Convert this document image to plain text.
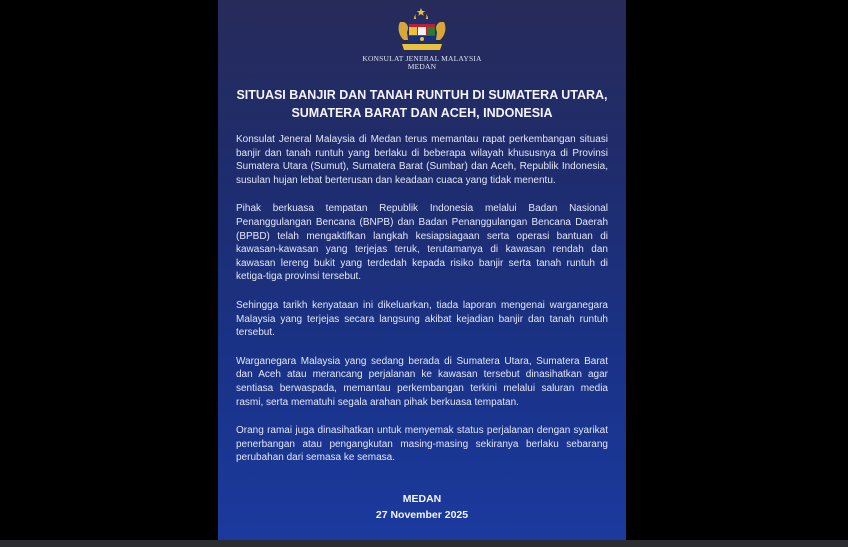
KONSULAT JENERAL MALAYSIA
MEDAN
SITUASI BANJIR DAN TANAH RUNTUH DI SUMATERA UTARA,
SUMATERA BARAT DAN ACEH, INDONESIA

Konsulat Jeneral Malaysia di Medan terus memantau rapat perkembangan situasi banjir dan tanah runtuh yang berlaku di beberapa wilayah khususnya di Provinsi Sumatera Utara (Sumut), Sumatera Barat (Sumbar) dan Aceh, Republik Indonesia, susulan hujan lebat berterusan dan keadaan cuaca yang tidak menentu.

Pihak berkuasa tempatan Republik Indonesia melalui Badan Nasional Penanggulangan Bencana (BNPB) dan Badan Penanggulangan Bencana Daerah (BPBD) telah mengaktifkan langkah kesiapsiagaan serta operasi bantuan di kawasan-kawasan yang terjejas teruk, terutamanya di kawasan rendah dan kawasan lereng bukit yang terdedah kepada risiko banjir serta tanah runtuh di ketiga-tiga provinsi tersebut.

Sehingga tarikh kenyataan ini dikeluarkan, tiada laporan mengenai warganegara Malaysia yang terjejas secara langsung akibat kejadian banjir dan tanah runtuh tersebut.

Warganegara Malaysia yang sedang berada di Sumatera Utara, Sumatera Barat dan Aceh atau merancang perjalanan ke kawasan tersebut dinasihatkan agar sentiasa berwaspada, memantau perkembangan terkini melalui saluran media rasmi, serta mematuhi segala arahan pihak berkuasa tempatan.

Orang ramai juga dinasihatkan untuk menyemak status perjalanan dengan syarikat penerbangan atau pengangkutan masing-masing sekiranya berlaku sebarang perubahan dari semasa ke semasa.

MEDAN
27 November 2025
